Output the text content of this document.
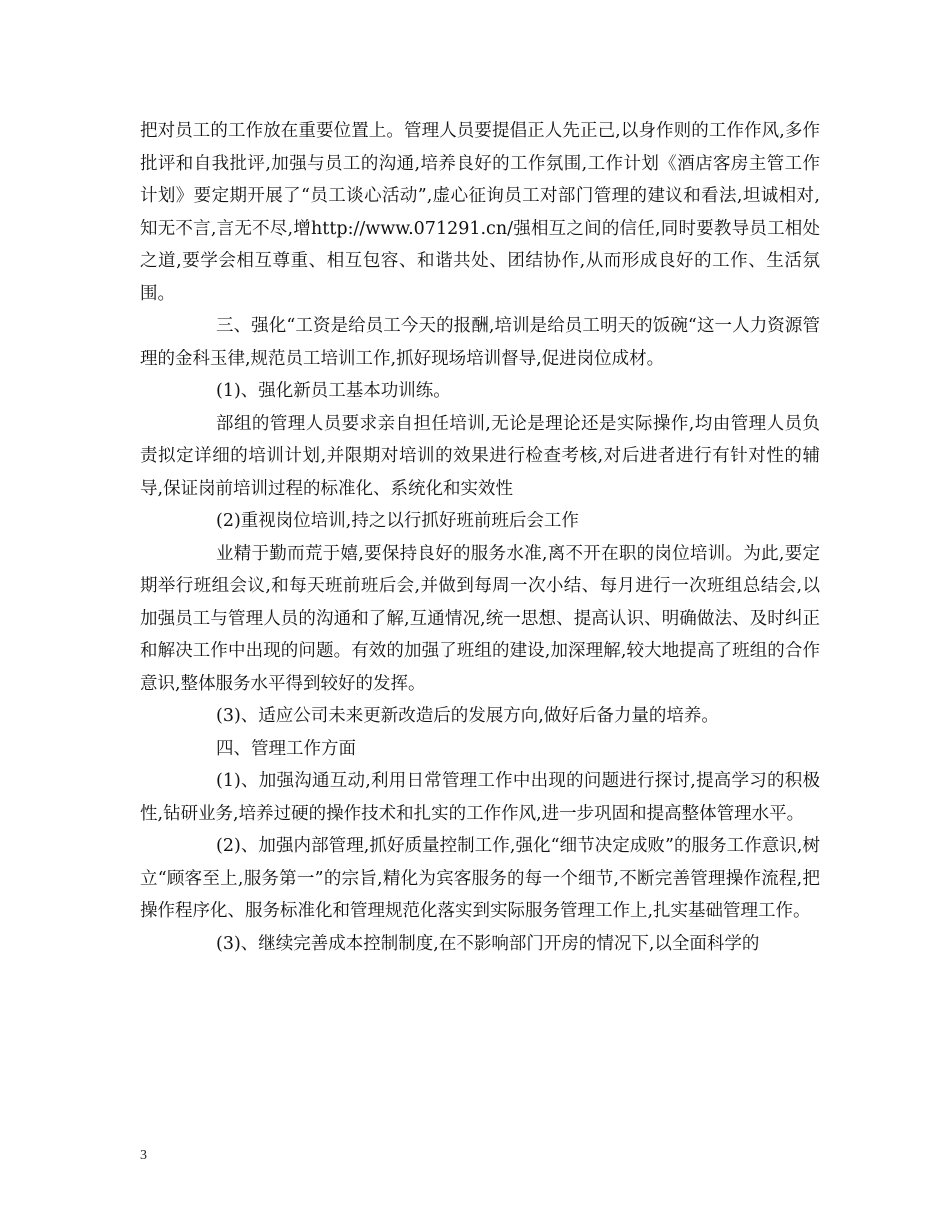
把对员工的工作放在重要位置上。管理人员要提倡正人先正己,以身作则的工作作风,多作批评和自我批评,加强与员工的沟通,培养良好的工作氛围,工作计划《酒店客房主管工作计划》要定期开展了“员工谈心活动”,虚心征询员工对部门管理的建议和看法,坦诚相对,知无不言,言无不尽,增http://www.071291.cn/强相互之间的信任,同时要教导员工相处之道,要学会相互尊重、相互包容、和谐共处、团结协作,从而形成良好的工作、生活氛围。

三、强化“工资是给员工今天的报酬,培训是给员工明天的饭碗“这一人力资源管理的金科玉律,规范员工培训工作,抓好现场培训督导,促进岗位成材。

(1)、强化新员工基本功训练。

部组的管理人员要求亲自担任培训,无论是理论还是实际操作,均由管理人员负责拟定详细的培训计划,并限期对培训的效果进行检查考核,对后进者进行有针对性的辅导,保证岗前培训过程的标准化、系统化和实效性

(2)重视岗位培训,持之以行抓好班前班后会工作

业精于勤而荒于嬉,要保持良好的服务水准,离不开在职的岗位培训。为此,要定期举行班组会议,和每天班前班后会,并做到每周一次小结、每月进行一次班组总结会,以加强员工与管理人员的沟通和了解,互通情况,统一思想、提高认识、明确做法、及时纠正和解决工作中出现的问题。有效的加强了班组的建设,加深理解,较大地提高了班组的合作意识,整体服务水平得到较好的发挥。

(3)、适应公司未来更新改造后的发展方向,做好后备力量的培养。

四、管理工作方面

(1)、加强沟通互动,利用日常管理工作中出现的问题进行探讨,提高学习的积极性,钻研业务,培养过硬的操作技术和扎实的工作作风,进一步巩固和提高整体管理水平。

(2)、加强内部管理,抓好质量控制工作,强化“细节决定成败”的服务工作意识,树立“顾客至上,服务第一”的宗旨,精化为宾客服务的每一个细节,不断完善管理操作流程,把操作程序化、服务标准化和管理规范化落实到实际服务管理工作上,扎实基础管理工作。

(3)、继续完善成本控制制度,在不影响部门开房的情况下,以全面科学的

3
